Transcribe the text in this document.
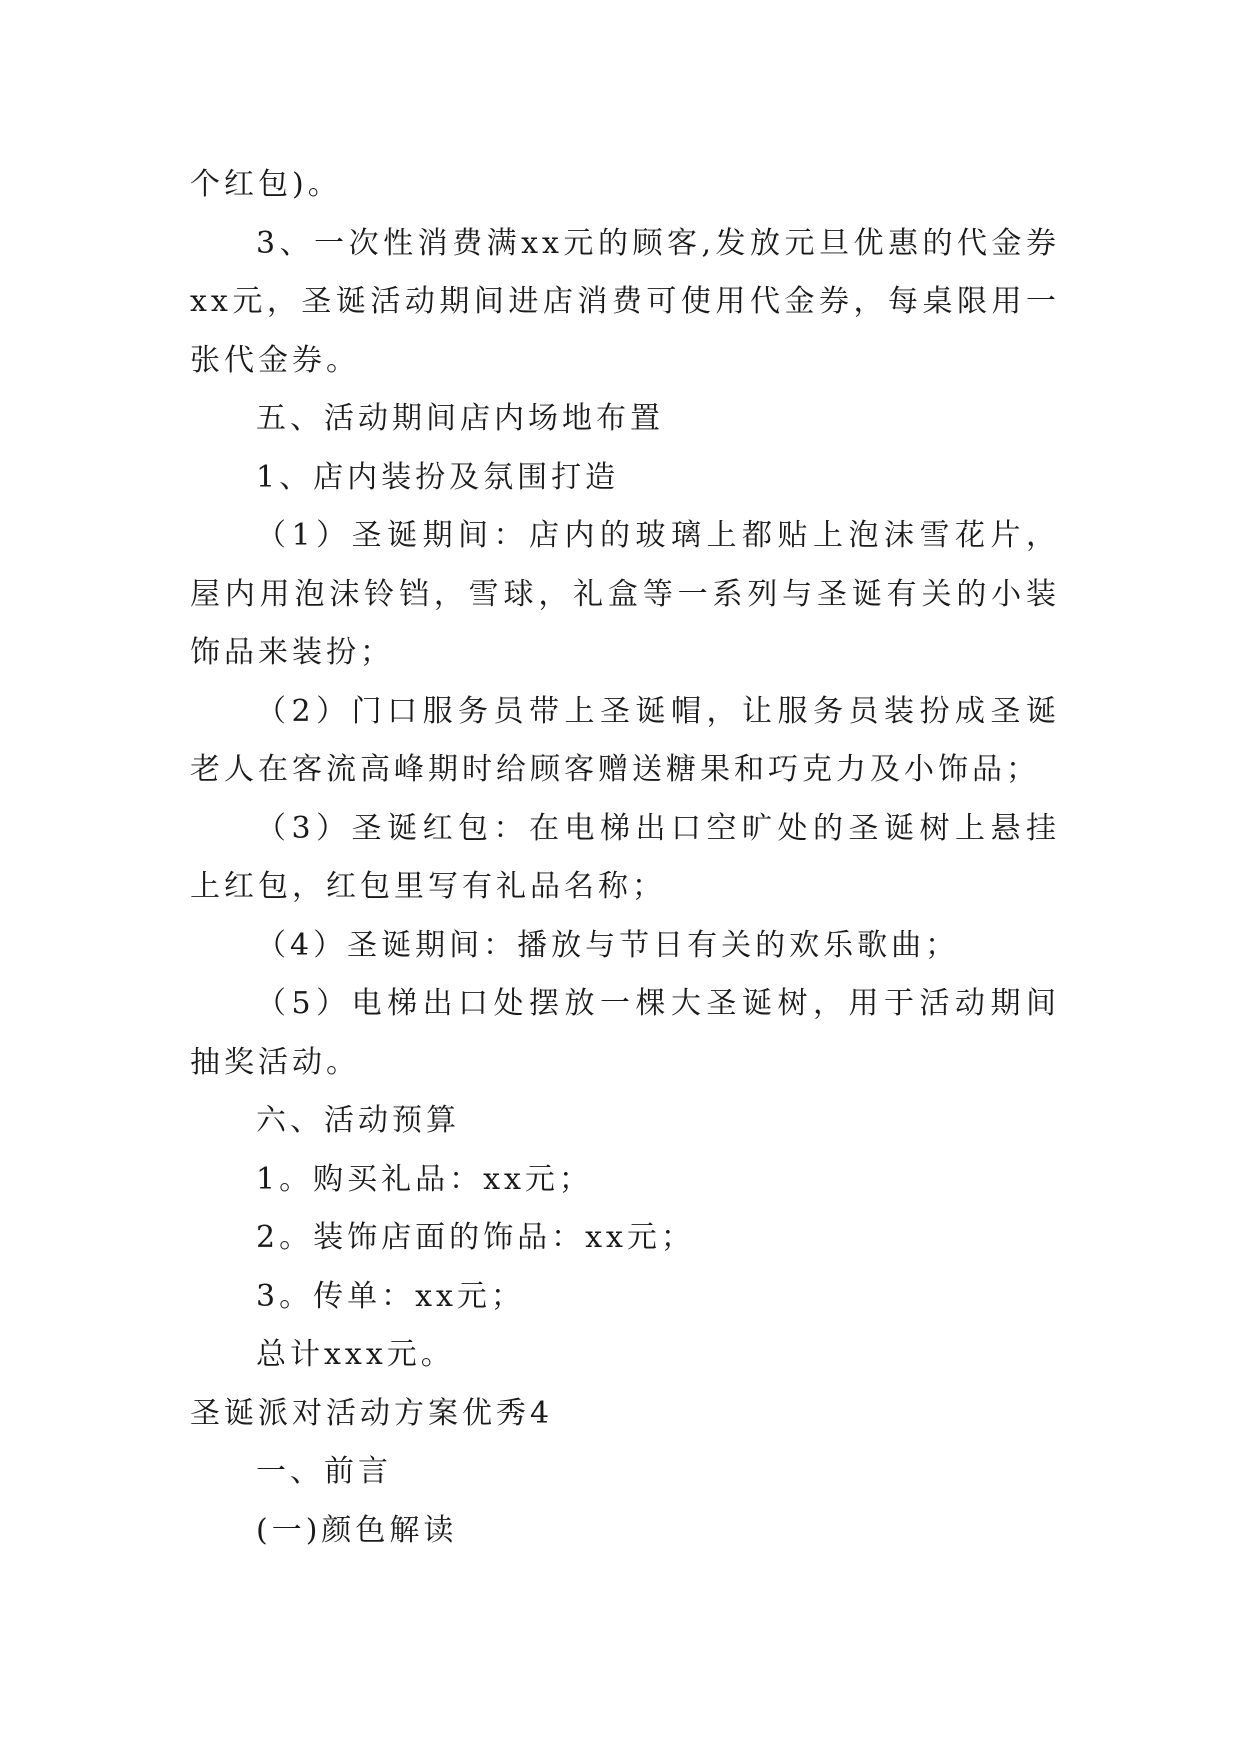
个红包)。

3、一次性消费满xx元的顾客,发放元旦优惠的代金券xx元，圣诞活动期间进店消费可使用代金券，每桌限用一张代金券。

五、活动期间店内场地布置

1、店内装扮及氛围打造

（1）圣诞期间：店内的玻璃上都贴上泡沫雪花片，屋内用泡沫铃铛，雪球，礼盒等一系列与圣诞有关的小装饰品来装扮；

（2）门口服务员带上圣诞帽，让服务员装扮成圣诞老人在客流高峰期时给顾客赠送糖果和巧克力及小饰品；

（3）圣诞红包：在电梯出口空旷处的圣诞树上悬挂上红包，红包里写有礼品名称；

（4）圣诞期间：播放与节日有关的欢乐歌曲；

（5）电梯出口处摆放一棵大圣诞树，用于活动期间抽奖活动。

六、活动预算

1。购买礼品：xx元；

2。装饰店面的饰品：xx元；

3。传单：xx元；

总计xxx元。

圣诞派对活动方案优秀4

一、前言

(一)颜色解读
